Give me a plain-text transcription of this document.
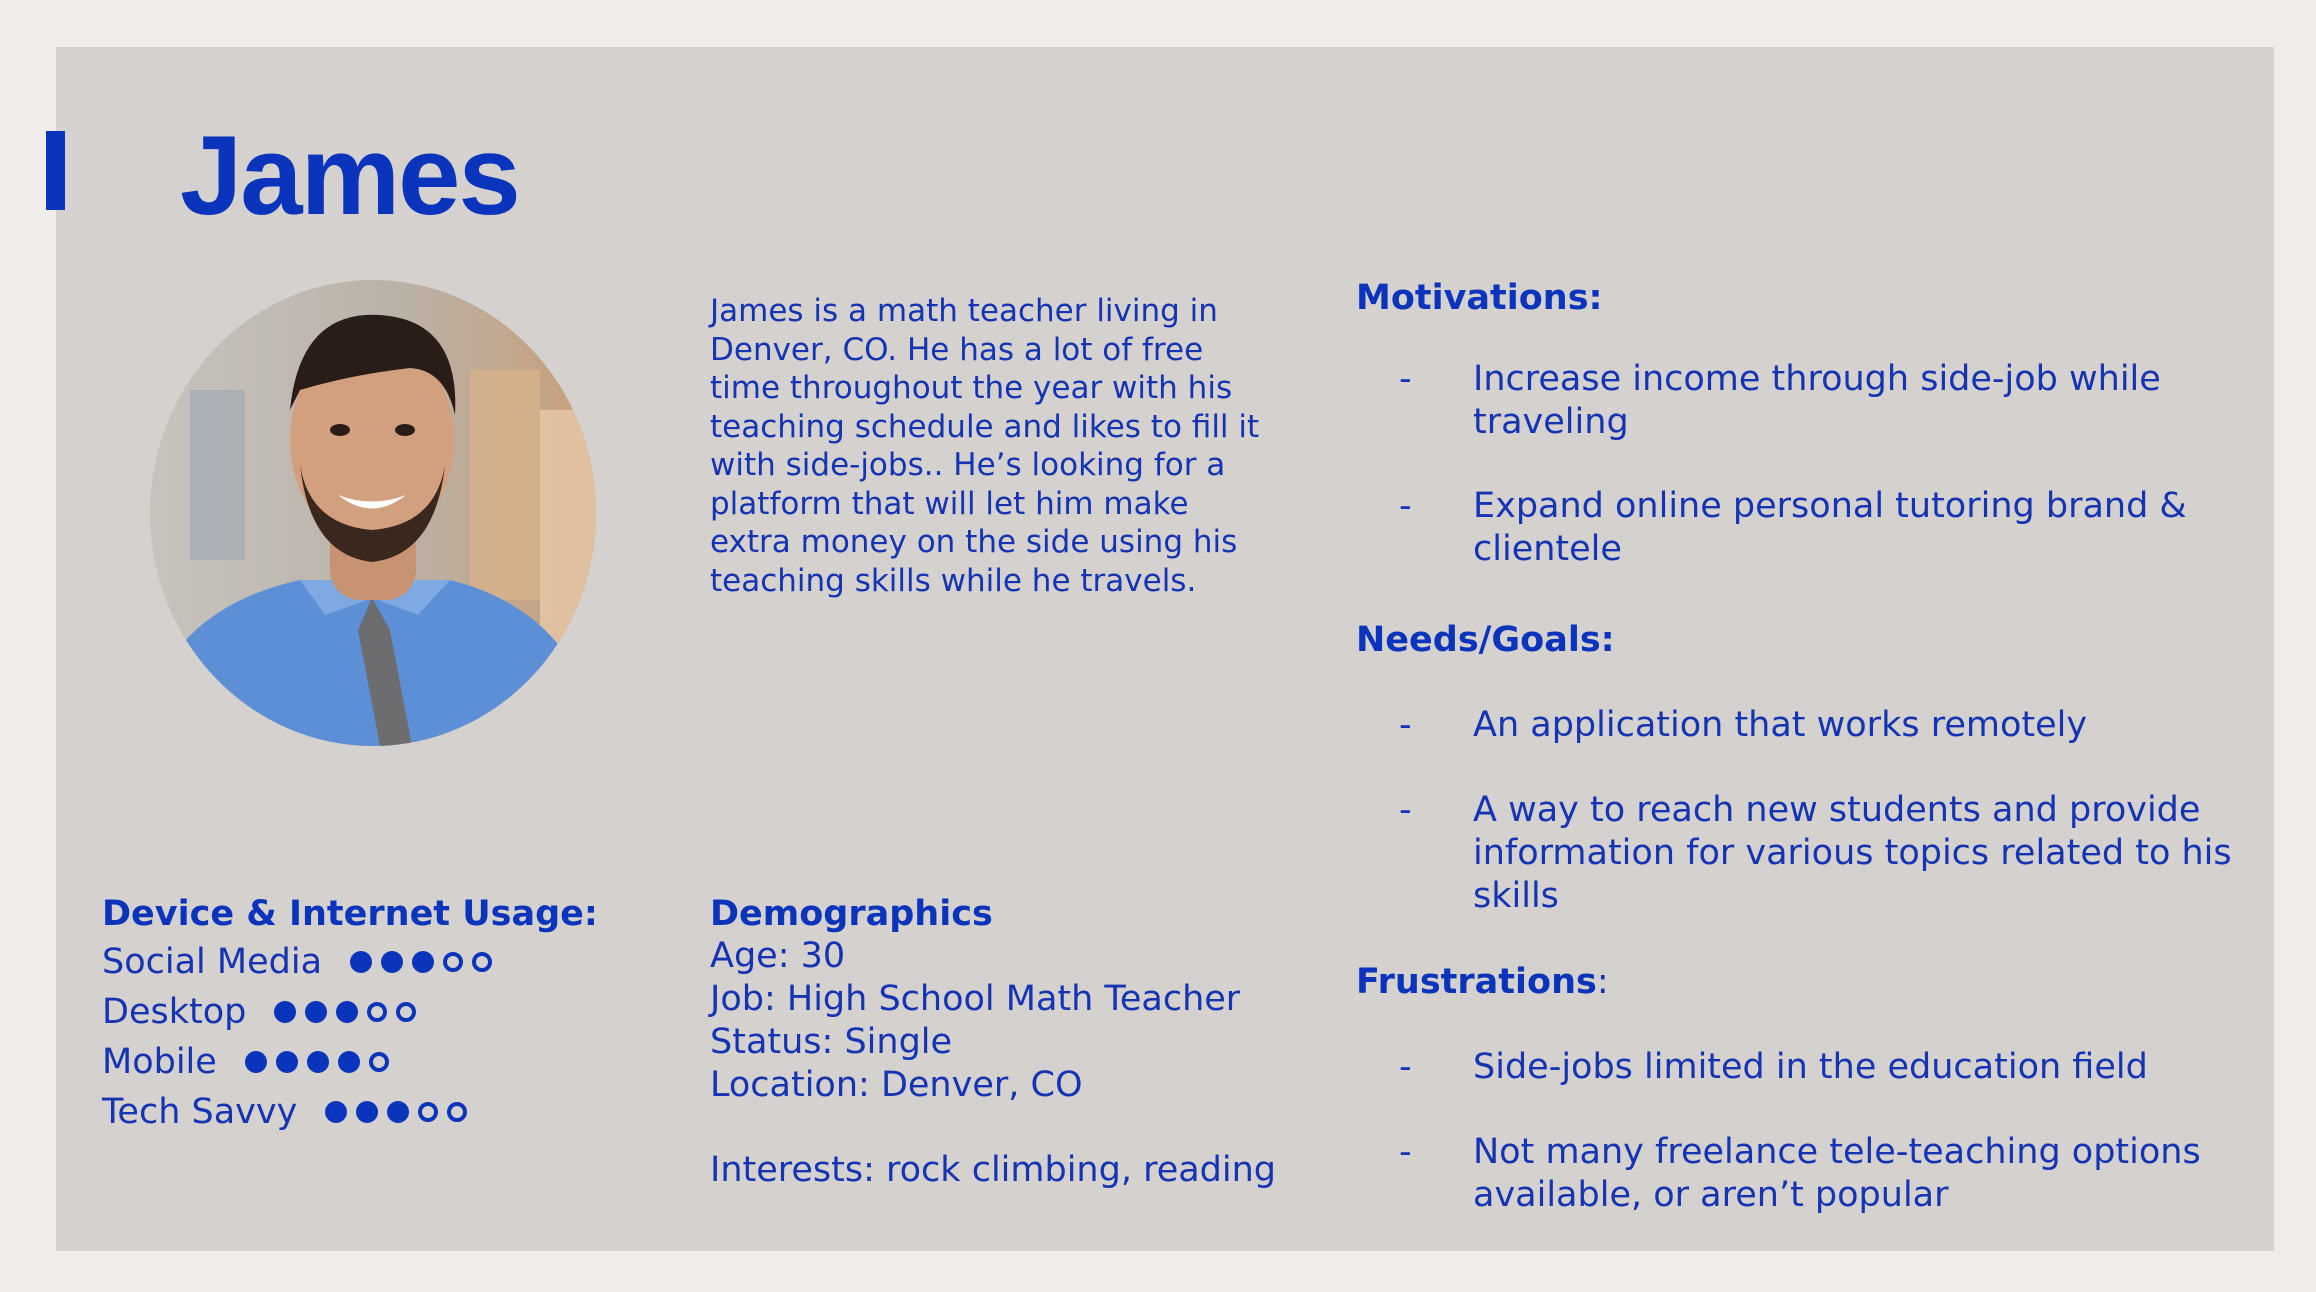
James

James is a math teacher living in Denver, CO. He has a lot of free time throughout the year with his teaching schedule and likes to fill it with side-jobs.. He’s looking for a platform that will let him make extra money on the side using his teaching skills while he travels.

Motivations:
- Increase income through side-job while traveling
- Expand online personal tutoring brand & clientele
Needs/Goals:
- An application that works remotely
- A way to reach new students and provide information for various topics related to his skills
Frustrations:
- Side-jobs limited in the education field
- Not many freelance tele-teaching options available, or aren’t popular
Device & Internet Usage:
Social Media
Desktop
Mobile
Tech Savvy
Demographics

Age: 30

Job: High School Math Teacher

Status: Single

Location: Denver, CO

Interests: rock climbing, reading
